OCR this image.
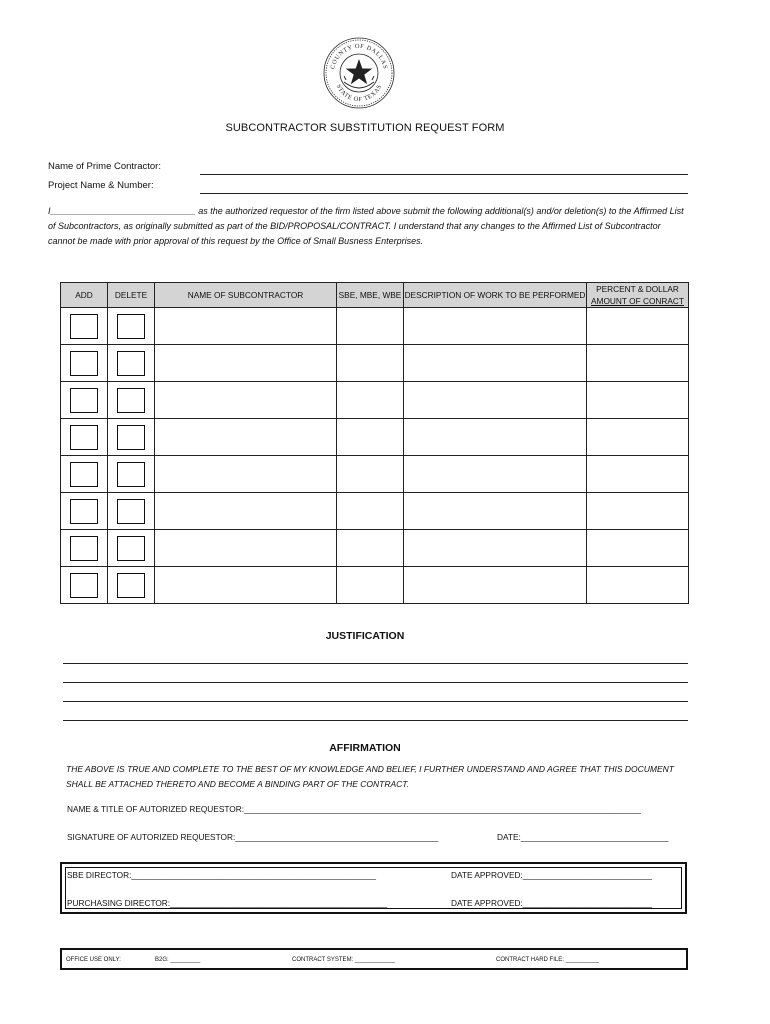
COUNTY OF DALLAS
STATE OF TEXAS
SUBCONTRACTOR SUBSTITUTION REQUEST FORM
Name of Prime Contractor:
Project Name & Number:
I_____________________________ as the authorized requestor of the firm listed above submit the following additional(s) and/or deletion(s) to the Affirmed List of Subcontractors, as originally submitted as part of the BID/PROPOSAL/CONTRACT. I understand that any changes to the Affirmed List of Subcontractor cannot be made with prior approval of this request by the Office of Small Busness Enterprises.
ADD	DELETE	NAME OF SUBCONTRACTOR	SBE, MBE, WBE	DESCRIPTION OF WORK TO BE PERFORMED	PERCENT & DOLLAR
AMOUNT OF CONRACT

JUSTIFICATION
AFFIRMATION
THE ABOVE IS TRUE AND COMPLETE TO THE BEST OF MY KNOWLEDGE AND BELIEF, I FURTHER UNDERSTAND AND AGREE THAT THIS DOCUMENT SHALL BE ATTACHED THERETO AND BECOME A BINDING PART OF THE CONTRACT.
NAME & TITLE OF AUTORIZED REQUESTOR:______________________________________________________________________________________
SIGNATURE OF AUTORIZED REQUESTOR:____________________________________________	DATE:________________________________
SBE DIRECTOR:_____________________________________________________	DATE APPROVED:____________________________
PURCHASING DIRECTOR:_______________________________________________	DATE APPROVED:____________________________
OFFICE USE ONLY:	B2G: _________	CONTRACT SYSTEM: ____________	CONTRACT HARD FILE: __________
